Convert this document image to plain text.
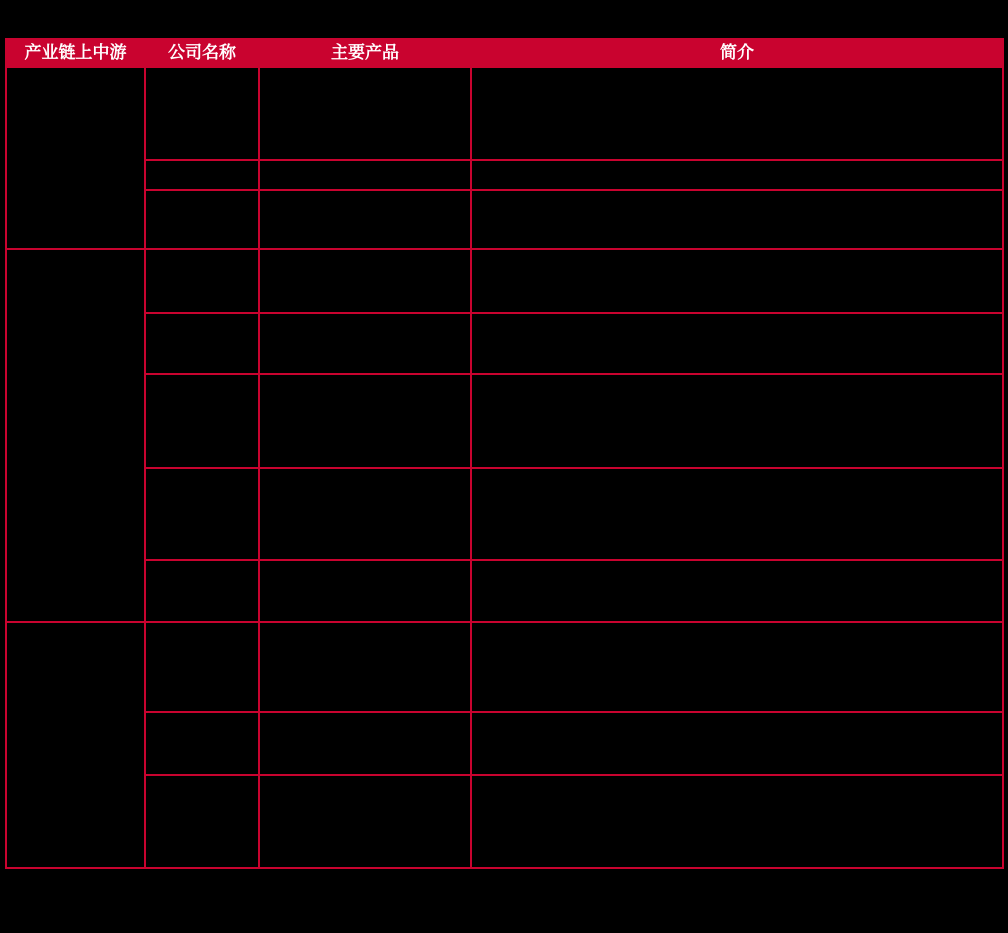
产业链上中游	公司名称	主要产品	简介
